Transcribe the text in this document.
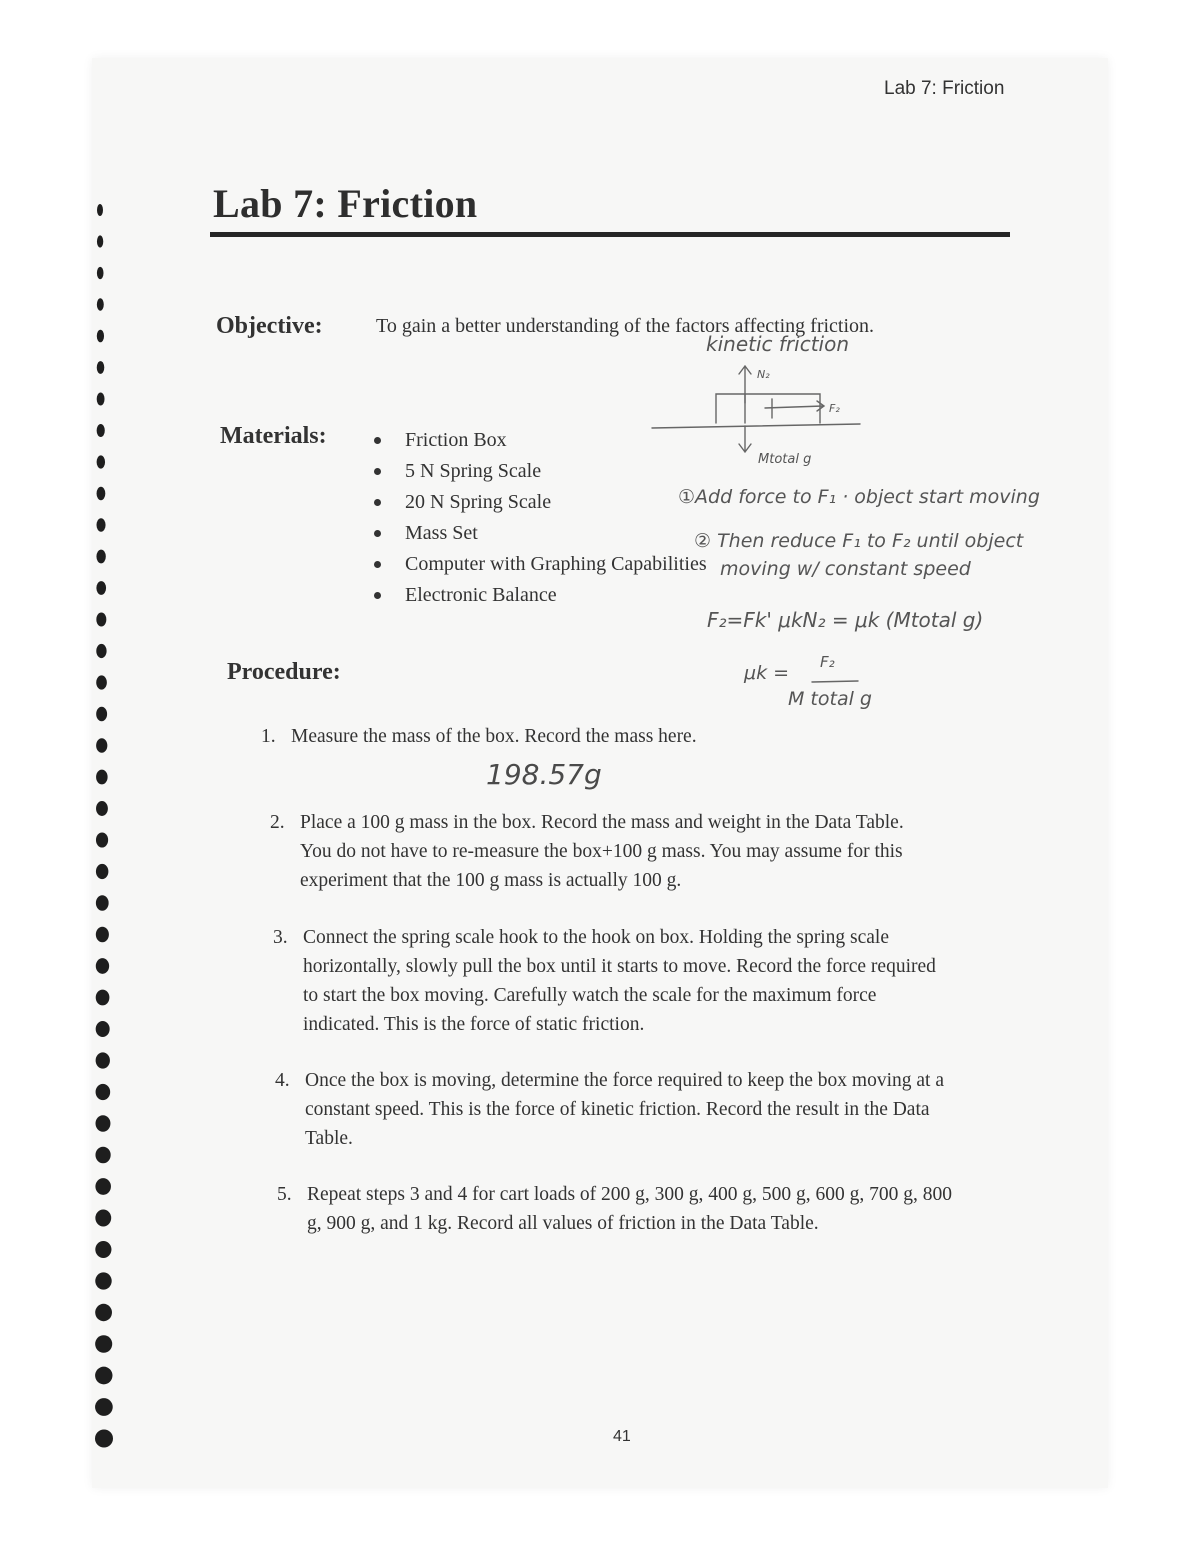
Lab 7: Friction
Lab 7: Friction
Objective:	To gain a better understanding of the factors affecting friction.
Materials:	Friction Box
5 N Spring Scale
20 N Spring Scale
Mass Set
Computer with Graphing Capabilities
Electronic Balance
Procedure:
1. Measure the mass of the box. Record the mass here.
2. Place a 100 g mass in the box. Record the mass and weight in the Data Table.
You do not have to re-measure the box+100 g mass. You may assume for this
experiment that the 100 g mass is actually 100 g.
3. Connect the spring scale hook to the hook on box. Holding the spring scale
horizontally, slowly pull the box until it starts to move. Record the force required
to start the box moving. Carefully watch the scale for the maximum force
indicated. This is the force of static friction.
4. Once the box is moving, determine the force required to keep the box moving at a
constant speed. This is the force of kinetic friction. Record the result in the Data
Table.
5. Repeat steps 3 and 4 for cart loads of 200 g, 300 g, 400 g, 500 g, 600 g, 700 g, 800
g, 900 g, and 1 kg. Record all values of friction in the Data Table.
kinetic friction
N₂
F₂
Mtotal g
①Add force to F₁ · object start moving
② Then reduce F₁ to F₂ until object
moving w/ constant speed
F₂=Fk' μkN₂ = μk (Mtotal g)
μk = F₂
M total g
198.57g
41
